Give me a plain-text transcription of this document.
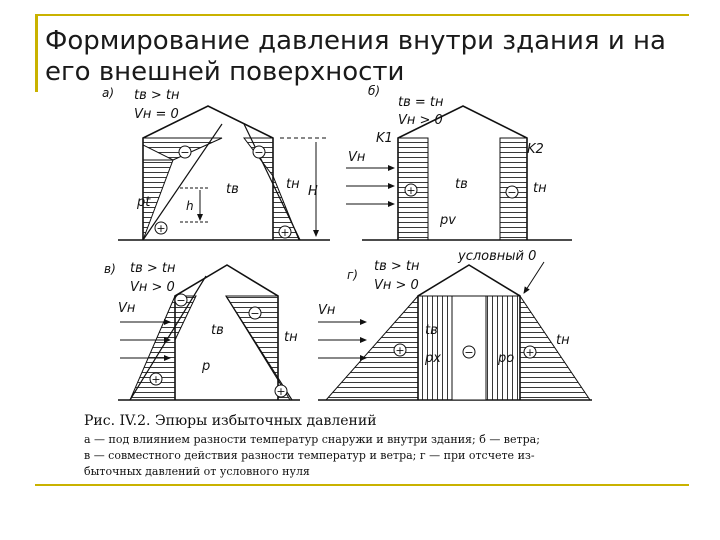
Формирование давления внутри здания и на его внешней поверхности
−	−
+	+
а) tв > tн
Vн = 0
tв	tн
h
H
pt
+	−
б)
tв = tн
Vн > 0
K1
K2
Vн
tв	tн
pv
−
−
+
+
в) tв > tн
Vн > 0
Vн
tв	tн
p
+	−	+
г)
tв > tн
Vн > 0
условный 0
Vн
tв
tн
px	po
Рис. IV.2. Эпюры избыточных давлений
а — под влиянием разности температур снаружи и внутри здания; б — ветра;
в — совместного действия разности температур и ветра; г — при отсчете из-
быточных давлений от условного нуля
